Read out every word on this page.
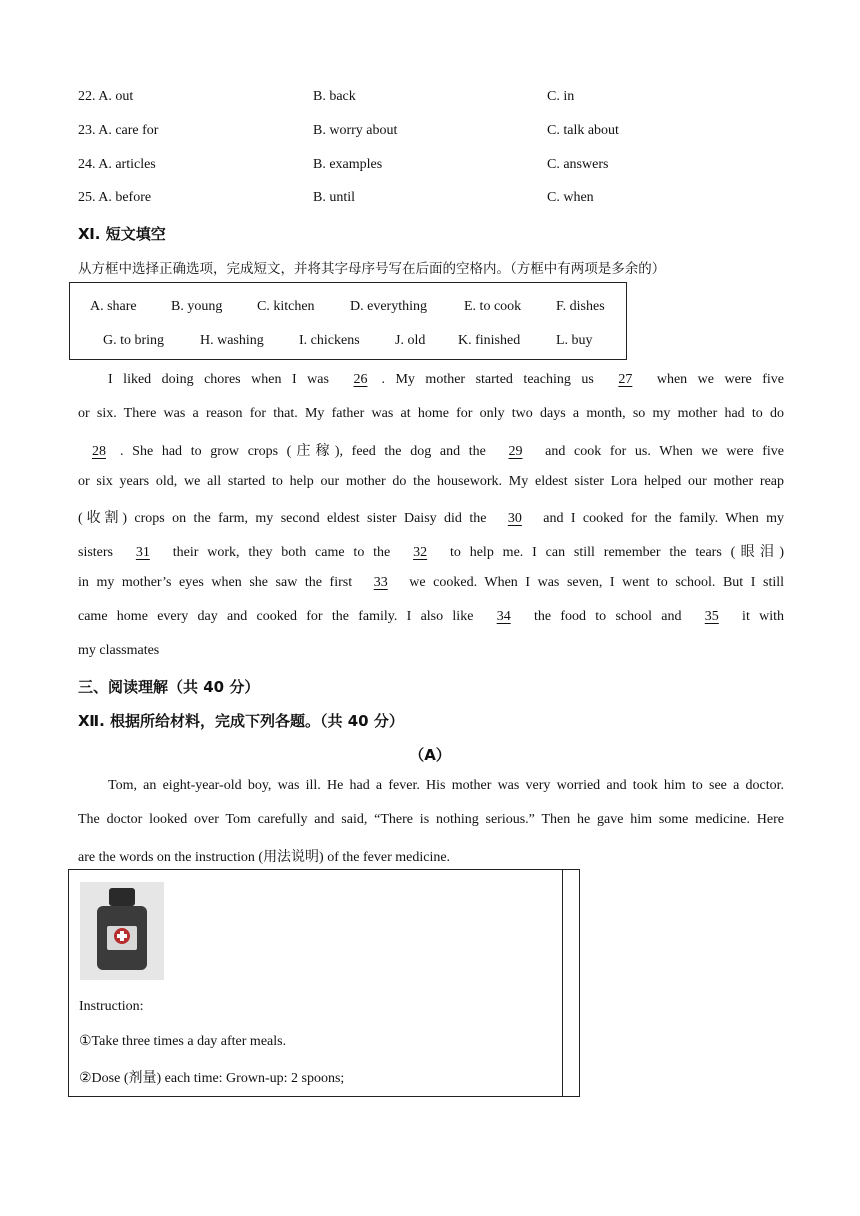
22. A. out	B. back	C. in
23. A. care for	B. worry about	C. talk about
24. A. articles	B. examples	C. answers
25. A. before	B. until	C. when
Ⅺ. 短文填空
从方框中选择正确选项，完成短文，并将其字母序号写在后面的空格内。（方框中有两项是多余的）
A. share B. young C. kitchen	D. everything	E. to cook F. dishes
G. to bring	H. washing	I. chickens	J. old K. finished	L. buy
I liked doing chores when I was 26 . My mother started teaching us 27 when we were five
or six. There was a reason for that. My father was at home for only two days a month, so my mother had to do
28 . She had to grow crops (庄稼), feed the dog and the 29 and cook for us. When we were five
or six years old, we all started to help our mother do the housework. My eldest sister Lora helped our mother reap
(收割) crops on the farm, my second eldest sister Daisy did the 30 and I cooked for the family. When my
sisters 31 their work, they both came to the 32 to help me. I can still remember the tears (眼泪)
in my mother’s eyes when she saw the first 33 we cooked. When I was seven, I went to school. But I still
came home every day and cooked for the family. I also like 34 the food to school and 35 it with
my classmates
三、阅读理解（共 40 分）
Ⅻ. 根据所给材料，完成下列各题。（共 40 分）
（A）
Tom, an eight-year-old boy, was ill. He had a fever. His mother was very worried and took him to see a doctor.
The doctor looked over Tom carefully and said, “There is nothing serious.” Then he gave him some medicine. Here
are the words on the instruction (用法说明) of the fever medicine.
Instruction:
①Take three times a day after meals.
②Dose (剂量) each time: Grown-up: 2 spoons;
